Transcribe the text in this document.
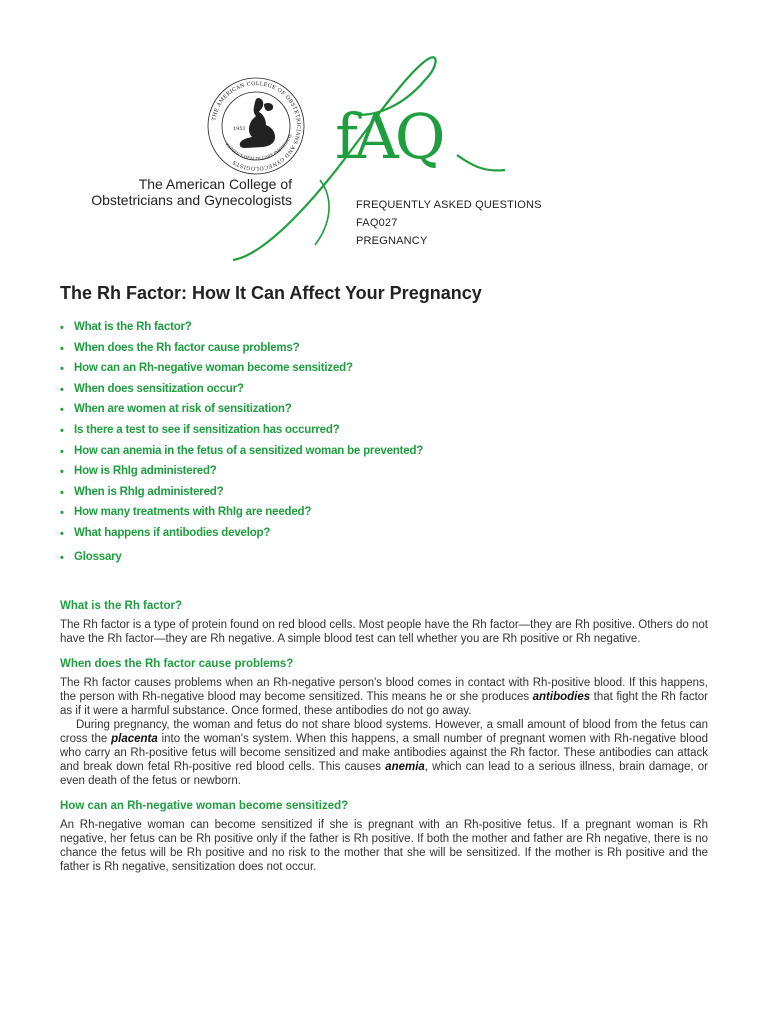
THE AMERICAN COLLEGE OF OBSTETRICIANS AND GYNECOLOGISTS
WOMEN'S HEALTH CARE PHYSICIANS
1951 fAQ
The American College of
Obstetricians and Gynecologists	FREQUENTLY ASKED QUESTIONS
FAQ027
PREGNANCY
The Rh Factor: How It Can Affect Your Pregnancy
• What is the Rh factor?
• When does the Rh factor cause problems?
• How can an Rh-negative woman become sensitized?
• When does sensitization occur?
• When are women at risk of sensitization?
• Is there a test to see if sensitization has occurred?
• How can anemia in the fetus of a sensitized woman be prevented?
• How is RhIg administered?
• When is RhIg administered?
• How many treatments with RhIg are needed?
• What happens if antibodies develop?
• Glossary
What is the Rh factor?

The Rh factor is a type of protein found on red blood cells. Most people have the Rh factor—they are Rh positive. Others do not have the Rh factor—they are Rh negative. A simple blood test can tell whether you are Rh positive or Rh negative.

When does the Rh factor cause problems?

The Rh factor causes problems when an Rh-negative person's blood comes in contact with Rh-positive blood. If this happens, the person with Rh-negative blood may become sensitized. This means he or she produces antibodies that fight the Rh factor as if it were a harmful substance. Once formed, these antibodies do not go away.

During pregnancy, the woman and fetus do not share blood systems. However, a small amount of blood from the fetus can cross the placenta into the woman's system. When this happens, a small number of pregnant women with Rh-negative blood who carry an Rh-positive fetus will become sensitized and make antibodies against the Rh factor. These antibodies can attack and break down fetal Rh-positive red blood cells. This causes anemia, which can lead to a serious illness, brain damage, or even death of the fetus or newborn.

How can an Rh-negative woman become sensitized?

An Rh-negative woman can become sensitized if she is pregnant with an Rh-positive fetus. If a pregnant woman is Rh negative, her fetus can be Rh positive only if the father is Rh positive. If both the mother and father are Rh negative, there is no chance the fetus will be Rh positive and no risk to the mother that she will be sensitized. If the mother is Rh positive and the father is Rh negative, sensitization does not occur.
